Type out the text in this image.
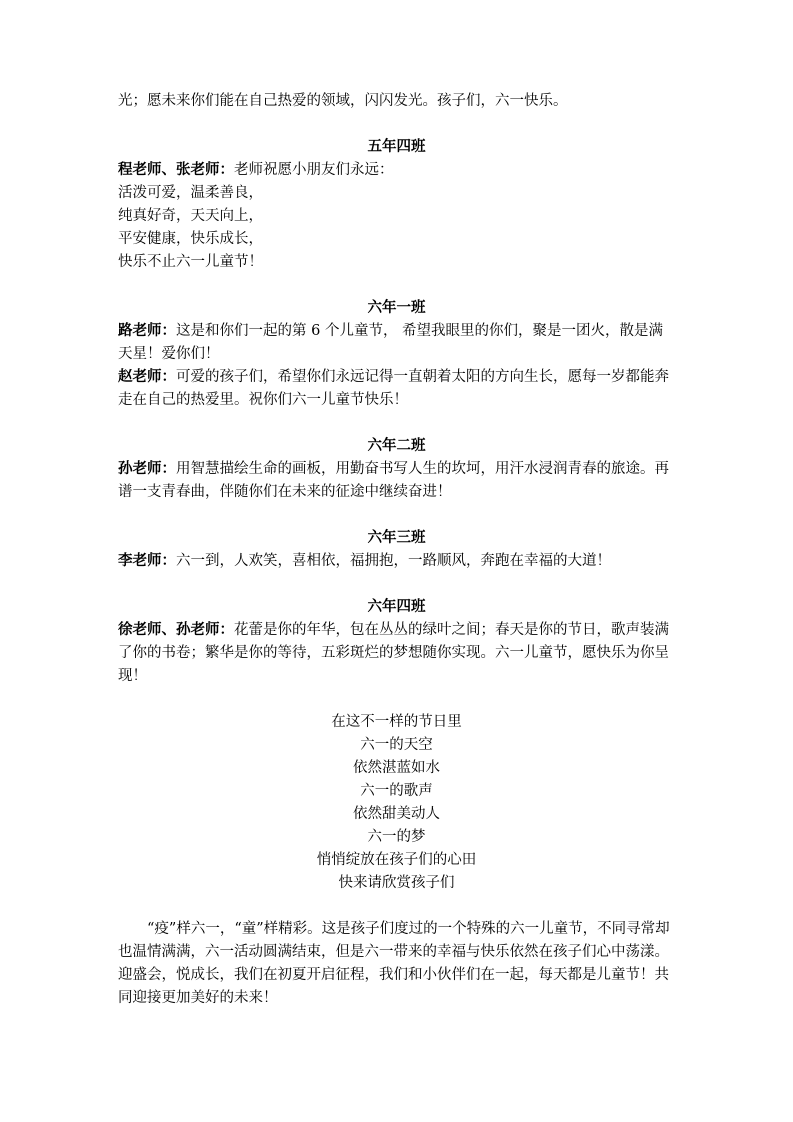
光；愿未来你们能在自己热爱的领域，闪闪发光。孩子们，六一快乐。

五年四班

程老师、张老师：老师祝愿小朋友们永远：

活泼可爱，温柔善良，

纯真好奇，天天向上，

平安健康，快乐成长，

快乐不止六一儿童节！

六年一班

路老师：这是和你们一起的第 6 个儿童节， 希望我眼里的你们，聚是一团火，散是满天星！爱你们！

赵老师：可爱的孩子们，希望你们永远记得一直朝着太阳的方向生长，愿每一岁都能奔走在自己的热爱里。祝你们六一儿童节快乐！

六年二班

孙老师：用智慧描绘生命的画板，用勤奋书写人生的坎坷，用汗水浸润青春的旅途。再谱一支青春曲，伴随你们在未来的征途中继续奋进！

六年三班

李老师：六一到，人欢笑，喜相依，福拥抱，一路顺风，奔跑在幸福的大道！

六年四班

徐老师、孙老师：花蕾是你的年华，包在丛丛的绿叶之间；春天是你的节日，歌声装满了你的书卷；繁华是你的等待，五彩斑烂的梦想随你实现。六一儿童节，愿快乐为你呈现！

在这不一样的节日里

六一的天空

依然湛蓝如水

六一的歌声

依然甜美动人

六一的梦

悄悄绽放在孩子们的心田

快来请欣赏孩子们

“疫”样六一，“童”样精彩。这是孩子们度过的一个特殊的六一儿童节，不同寻常却也温情满满，六一活动圆满结束，但是六一带来的幸福与快乐依然在孩子们心中荡漾。迎盛会，悦成长，我们在初夏开启征程，我们和小伙伴们在一起，每天都是儿童节！共同迎接更加美好的未来！
